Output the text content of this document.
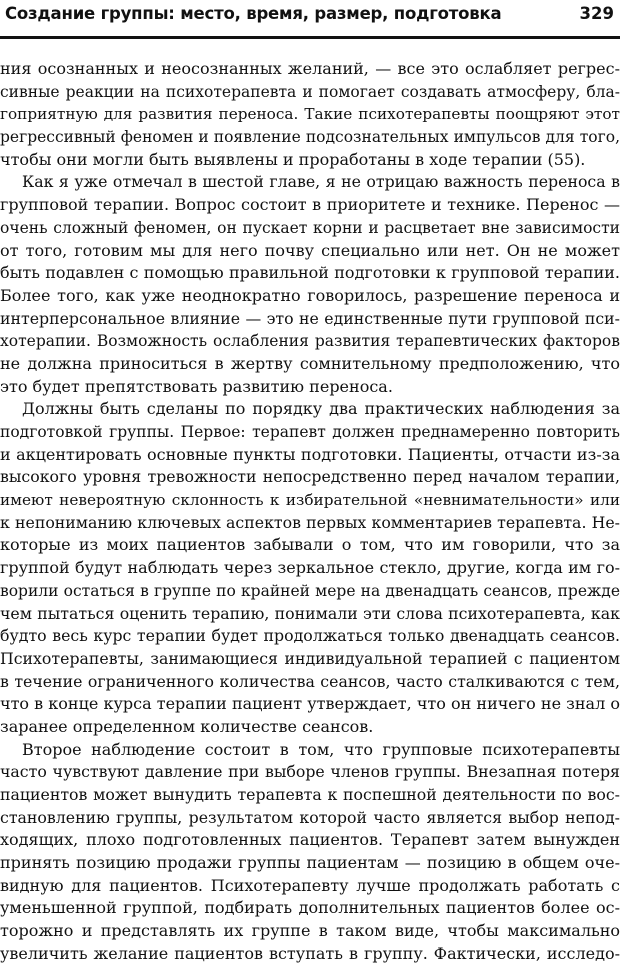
Создание группы: место, время, размер, подготовка	329
ния осознанных и неосознанных желаний, — все это ослабляет регрес-
сивные реакции на психотерапевта и помогает создавать атмосферу, бла-
гоприятную для развития переноса. Такие психотерапевты поощряют этот
регрессивный феномен и появление подсознательных импульсов для того,
чтобы они могли быть выявлены и проработаны в ходе терапии (55).
Как я уже отмечал в шестой главе, я не отрицаю важность переноса в
групповой терапии. Вопрос состоит в приоритете и технике. Перенос —
очень сложный феномен, он пускает корни и расцветает вне зависимости
от того, готовим мы для него почву специально или нет. Он не может
быть подавлен с помощью правильной подготовки к групповой терапии.
Более того, как уже неоднократно говорилось, разрешение переноса и
интерперсональное влияние — это не единственные пути групповой пси-
хотерапии. Возможность ослабления развития терапевтических факторов
не должна приноситься в жертву сомнительному предположению, что
это будет препятствовать развитию переноса.
Должны быть сделаны по порядку два практических наблюдения за
подготовкой группы. Первое: терапевт должен преднамеренно повторить
и акцентировать основные пункты подготовки. Пациенты, отчасти из-за
высокого уровня тревожности непосредственно перед началом терапии,
имеют невероятную склонность к избирательной «невнимательности» или
к непониманию ключевых аспектов первых комментариев терапевта. Не-
которые из моих пациентов забывали о том, что им говорили, что за
группой будут наблюдать через зеркальное стекло, другие, когда им го-
ворили остаться в группе по крайней мере на двенадцать сеансов, прежде
чем пытаться оценить терапию, понимали эти слова психотерапевта, как
будто весь курс терапии будет продолжаться только двенадцать сеансов.
Психотерапевты, занимающиеся индивидуальной терапией с пациентом
в течение ограниченного количества сеансов, часто сталкиваются с тем,
что в конце курса терапии пациент утверждает, что он ничего не знал о
заранее определенном количестве сеансов.
Второе наблюдение состоит в том, что групповые психотерапевты
часто чувствуют давление при выборе членов группы. Внезапная потеря
пациентов может вынудить терапевта к поспешной деятельности по вос-
становлению группы, результатом которой часто является выбор непод-
ходящих, плохо подготовленных пациентов. Терапевт затем вынужден
принять позицию продажи группы пациентам — позицию в общем оче-
видную для пациентов. Психотерапевту лучше продолжать работать с
уменьшенной группой, подбирать дополнительных пациентов более ос-
торожно и представлять их группе в таком виде, чтобы максимально
увеличить желание пациентов вступать в группу. Фактически, исследо-
